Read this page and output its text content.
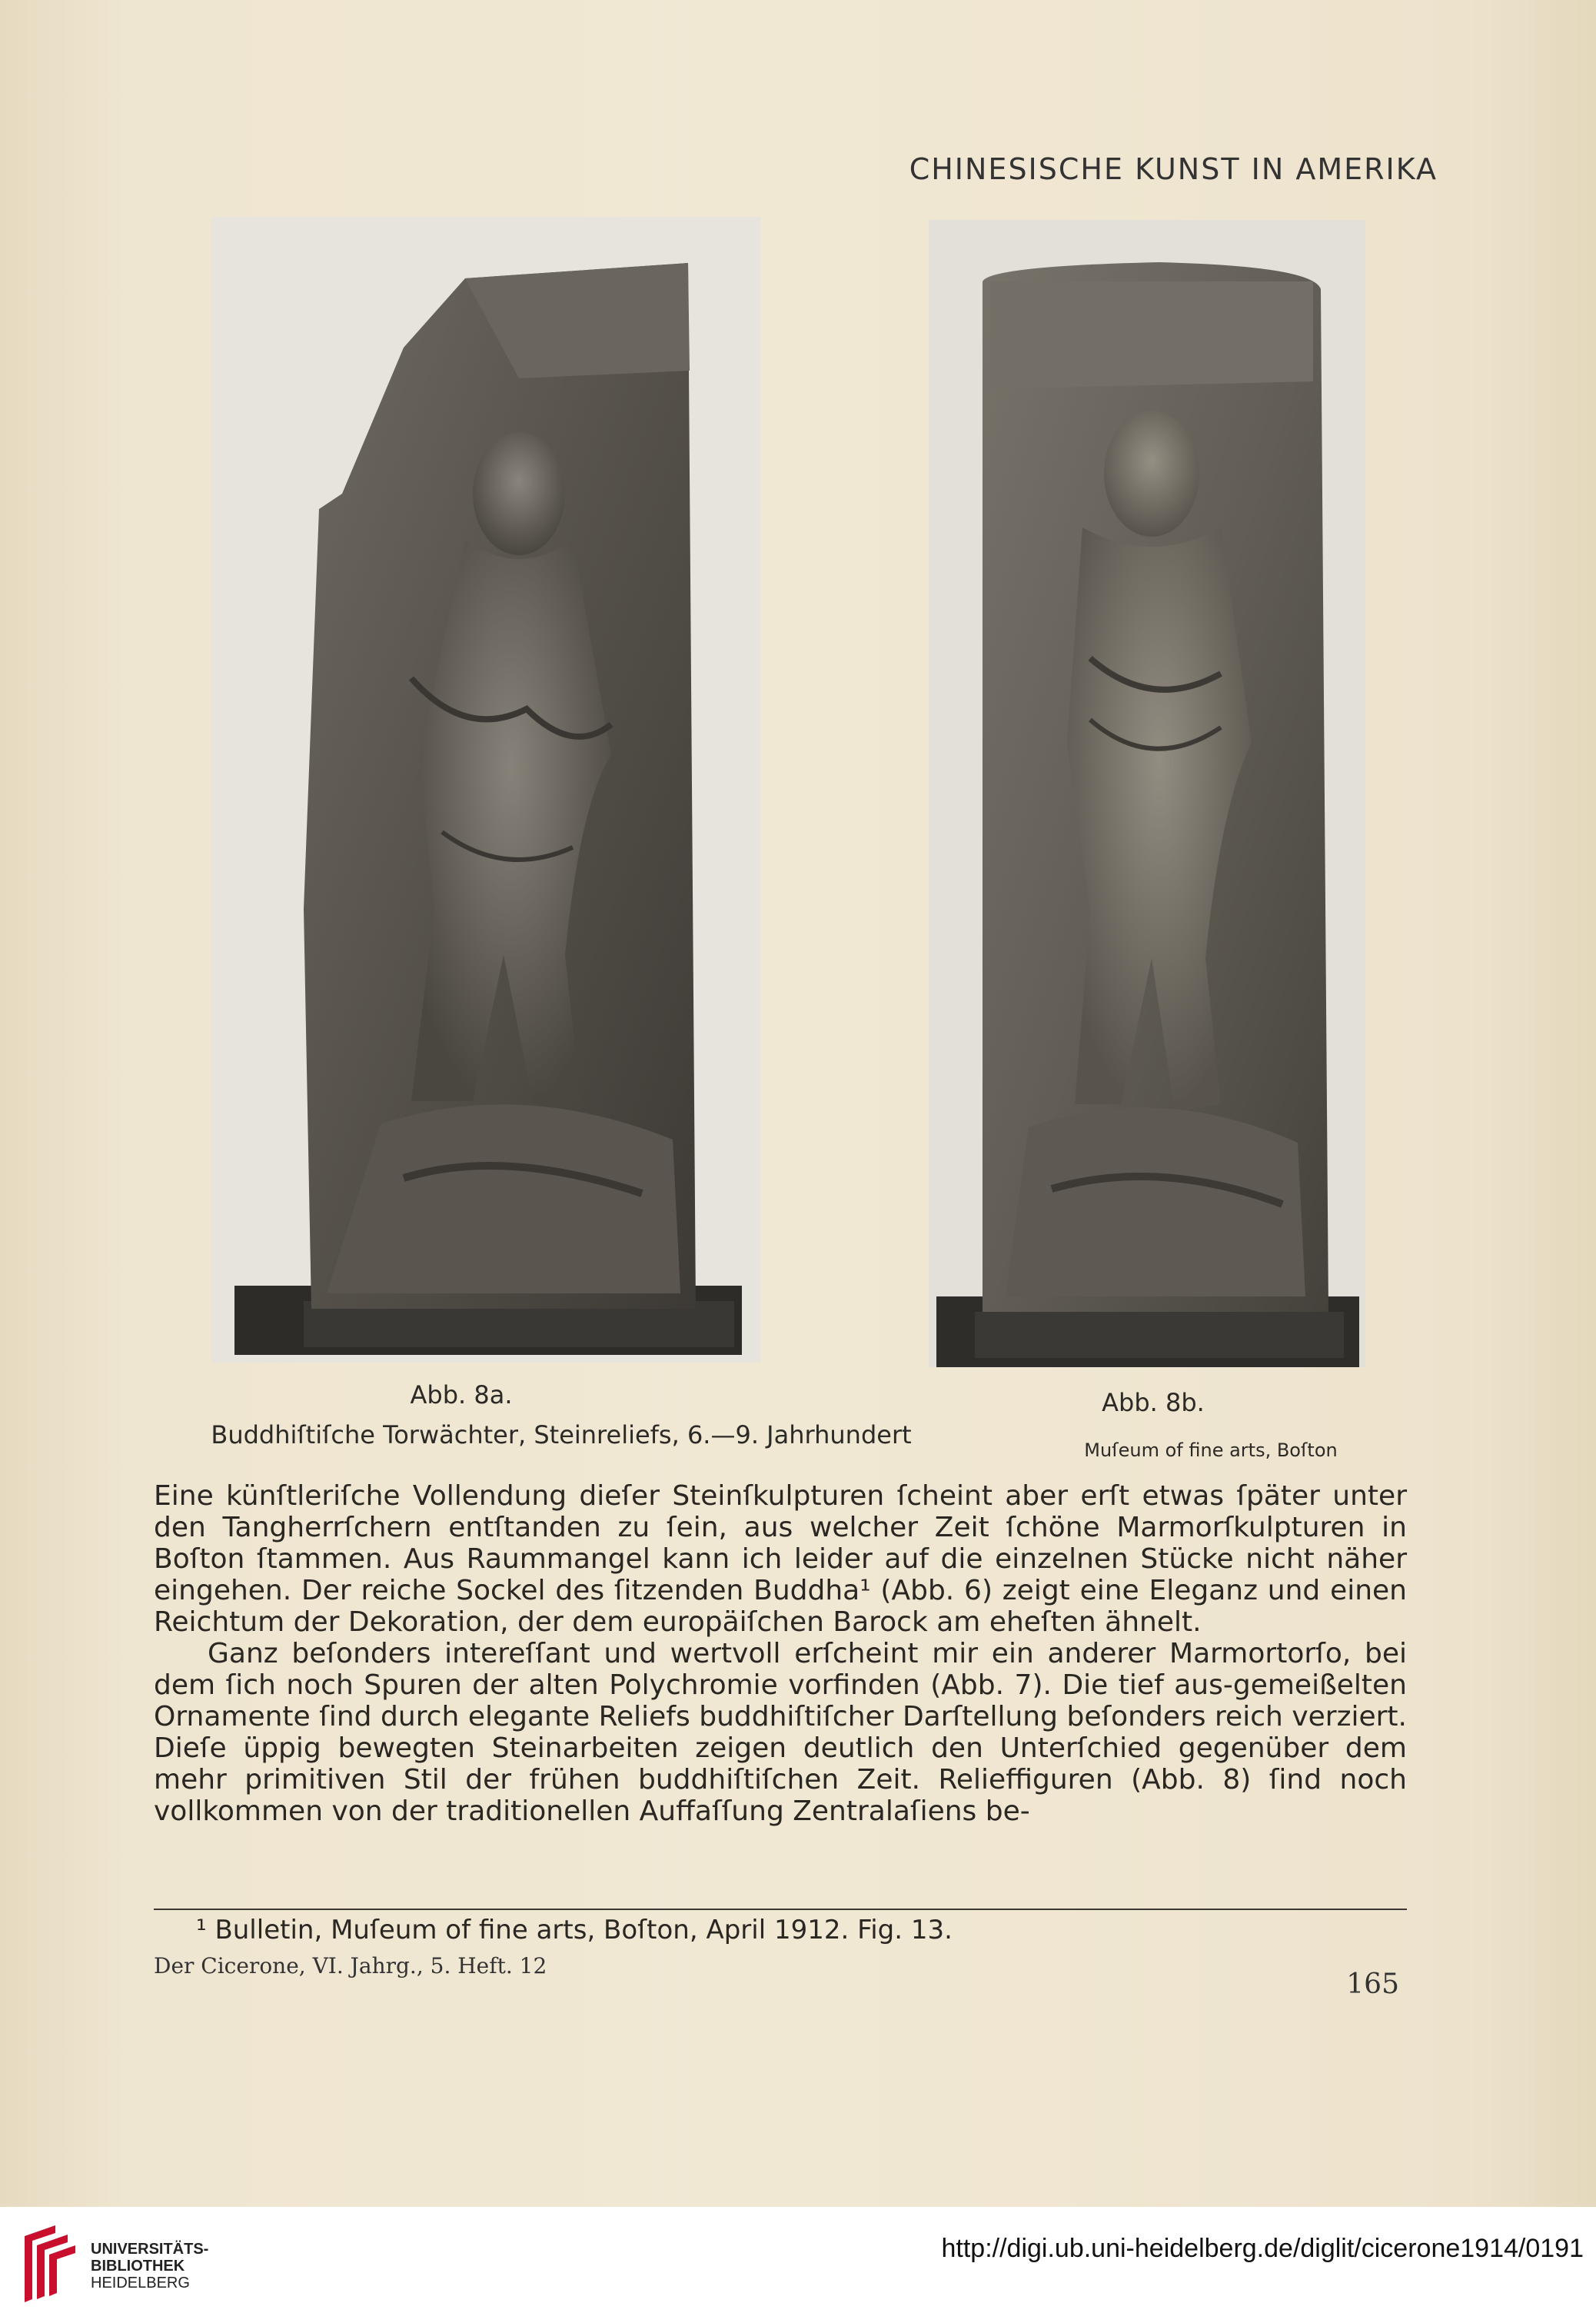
CHINESISCHE KUNST IN AMERIKA
Abb. 8a.
Buddhiſtiſche Torwächter, Steinreliefs, 6.—9. Jahrhundert
Abb. 8b.
Muſeum of fine arts, Boſton

Eine künſtleriſche Vollendung dieſer Steinſkulpturen ſcheint aber erſt etwas ſpäter unter den Tangherrſchern entſtanden zu ſein, aus welcher Zeit ſchöne Marmorſkulpturen in Boſton ſtammen. Aus Raummangel kann ich leider auf die einzelnen Stücke nicht näher eingehen. Der reiche Sockel des ſitzenden Buddha¹ (Abb. 6) zeigt eine Eleganz und einen Reichtum der Dekoration, der dem europäiſchen Barock am eheſten ähnelt.

Ganz beſonders intereſſant und wertvoll erſcheint mir ein anderer Marmortorſo, bei dem ſich noch Spuren der alten Polychromie vorfinden (Abb. 7). Die tief aus-gemeißelten Ornamente ſind durch elegante Reliefs buddhiſtiſcher Darſtellung beſonders reich verziert. Dieſe üppig bewegten Steinarbeiten zeigen deutlich den Unterſchied gegenüber dem mehr primitiven Stil der frühen buddhiſtiſchen Zeit. Relieffiguren (Abb. 8) ſind noch vollkommen von der traditionellen Auffaſſung Zentralaſiens be-

¹ Bulletin, Muſeum of fine arts, Boſton, April 1912. Fig. 13.
Der Cicerone, VI. Jahrg., 5. Heft. 12
165
UNIVERSITÄTS-
BIBLIOTHEK
HEIDELBERG
http://digi.ub.uni-heidelberg.de/diglit/cicerone1914/0191
